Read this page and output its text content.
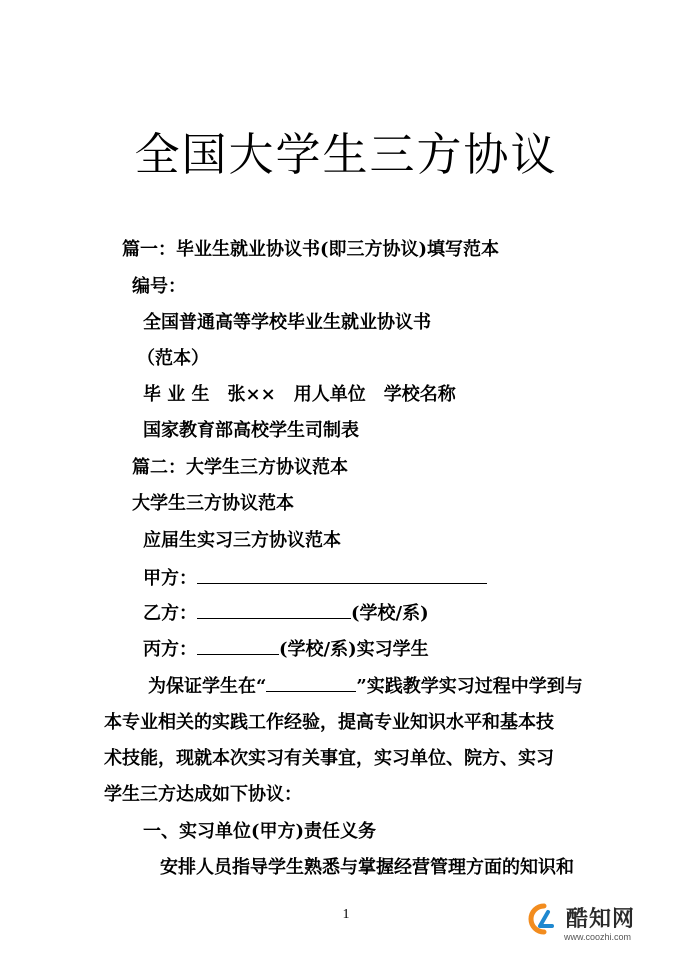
全国大学生三方协议
篇一：毕业生就业协议书(即三方协议)填写范本
编号：
全国普通高等学校毕业生就业协议书
（范本）
毕 业 生　张××　用人单位　学校名称
国家教育部高校学生司制表
篇二：大学生三方协议范本
大学生三方协议范本
应届生实习三方协议范本
甲方：
乙方：	(学校/系)
丙方：	(学校/系)实习学生
为保证学生在“	”实践教学实习过程中学到与
本专业相关的实践工作经验，提高专业知识水平和基本技
术技能，现就本次实习有关事宜，实习单位、院方、实习
学生三方达成如下协议：
一、实习单位(甲方)责任义务
安排人员指导学生熟悉与掌握经营管理方面的知识和
1	酷知网
www.coozhi.com
